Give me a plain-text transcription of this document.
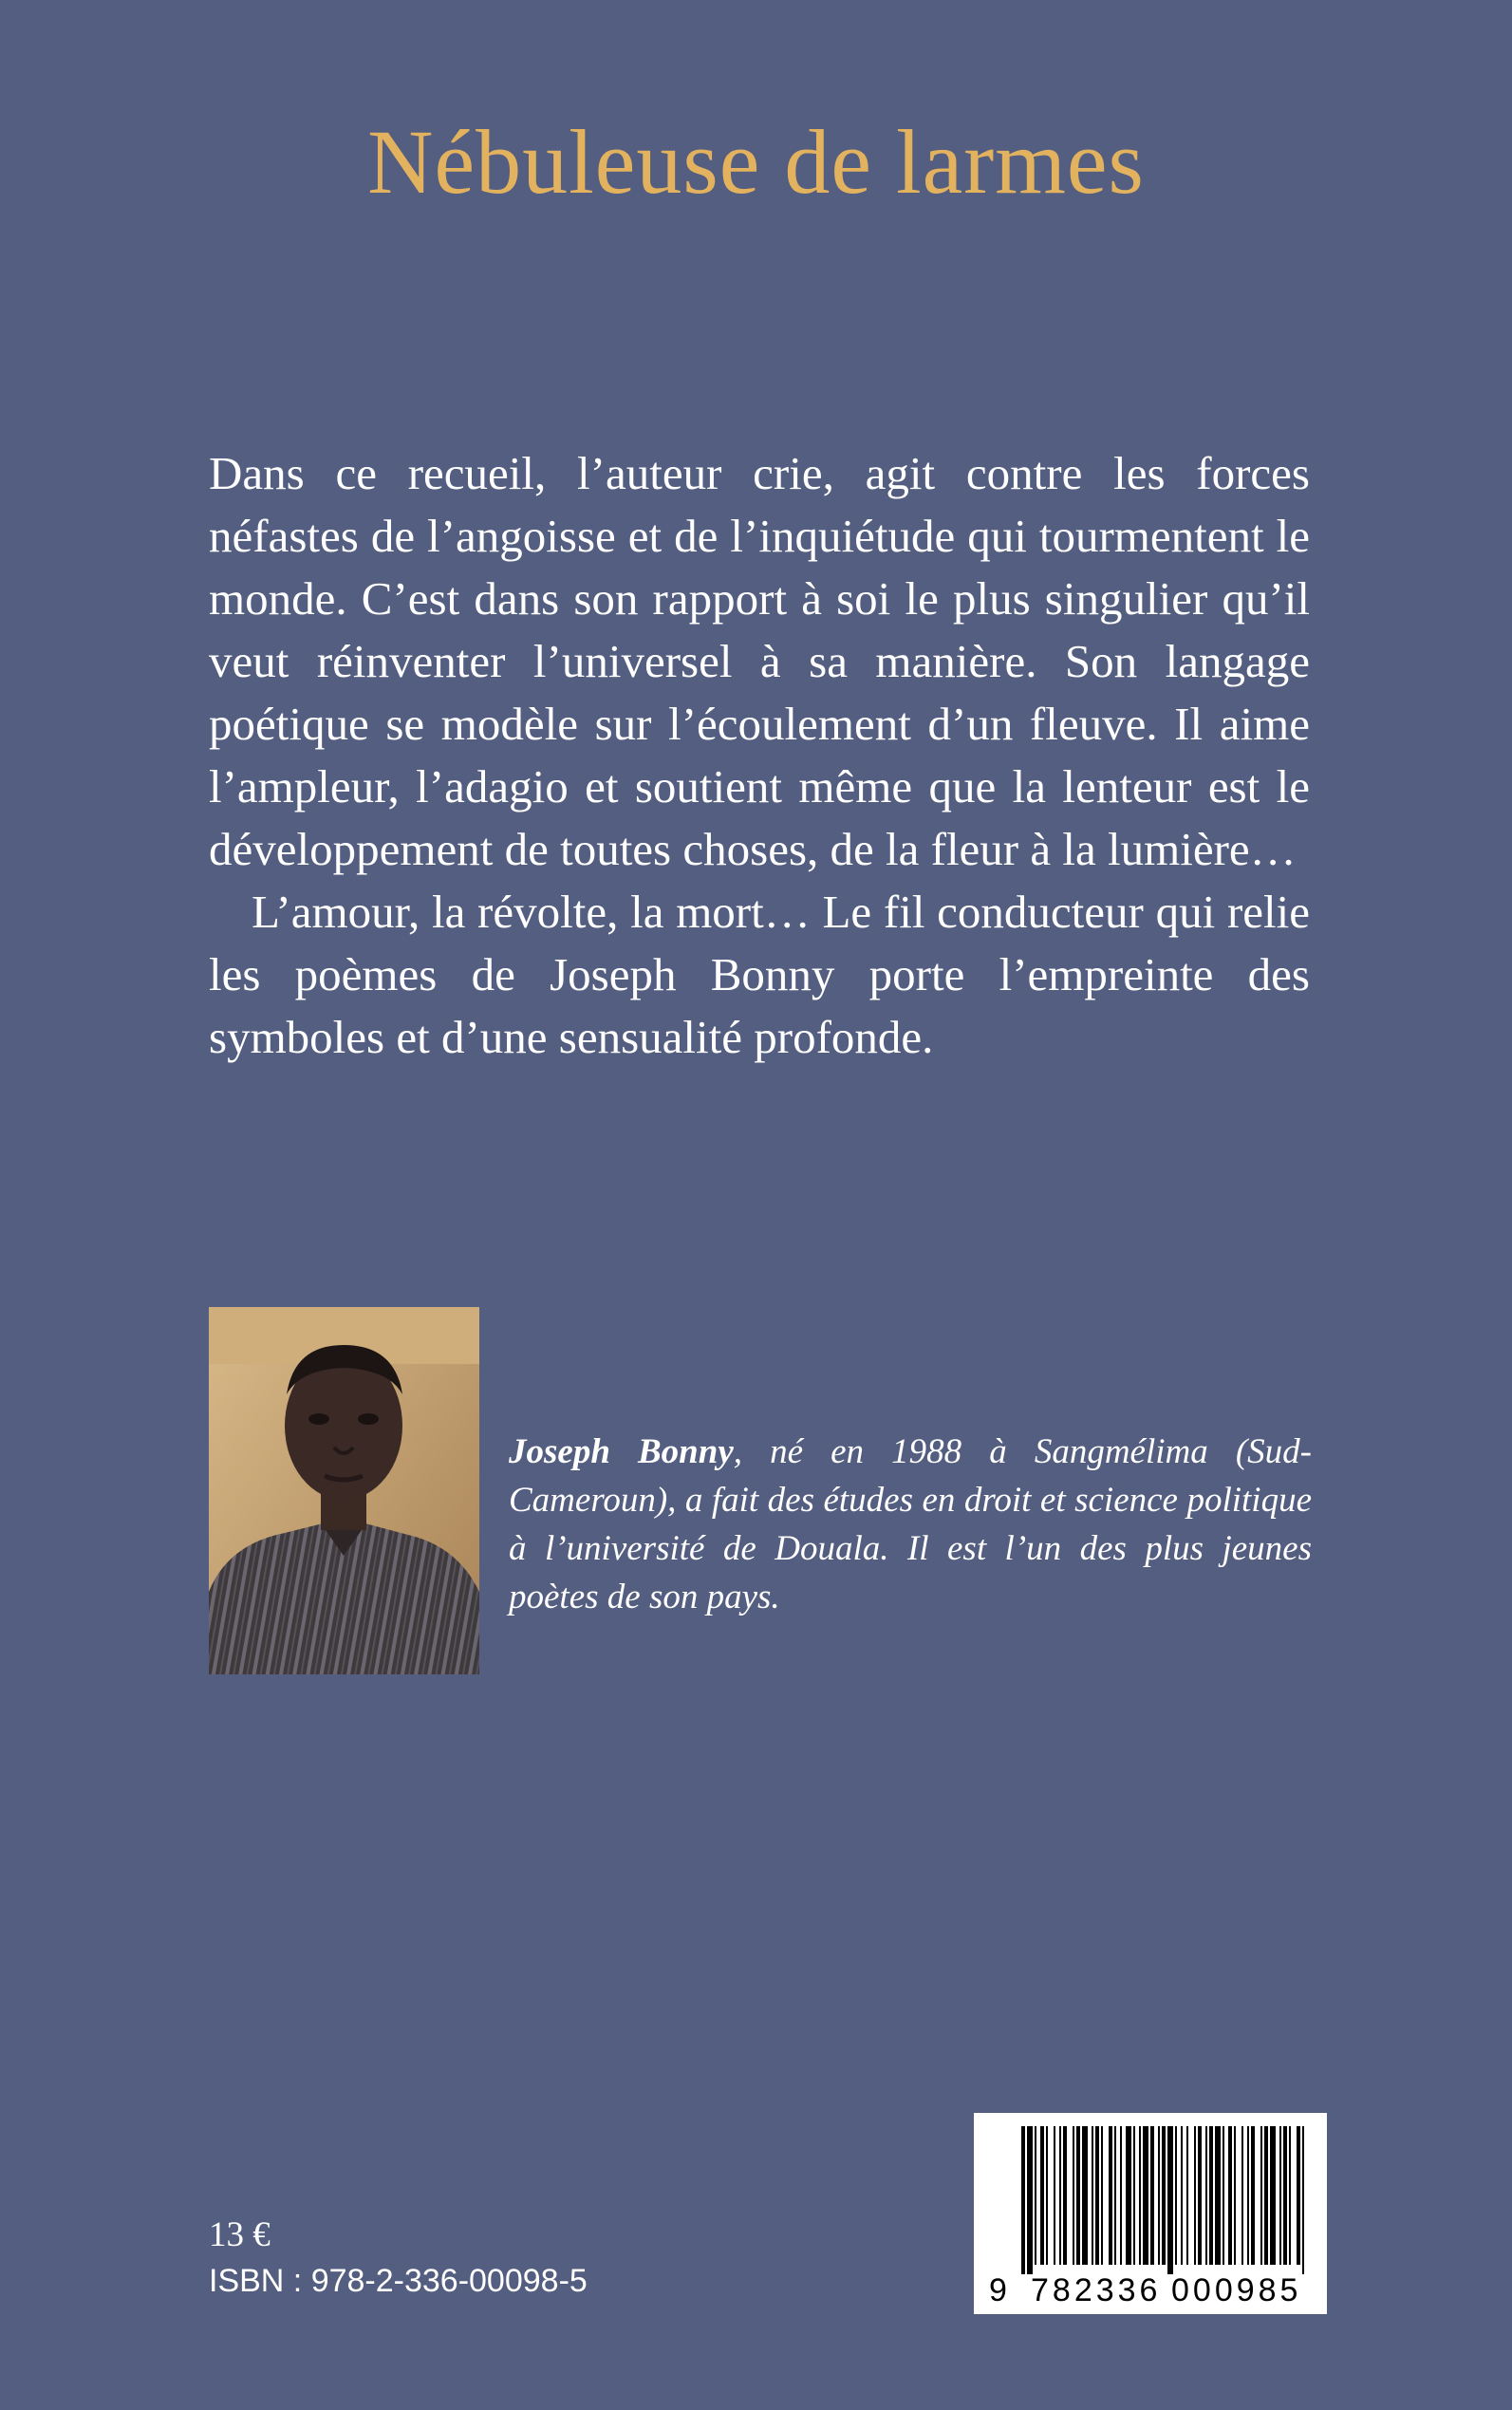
Nébuleuse de larmes

Dans ce recueil, l’auteur crie, agit contre les forces néfastes de l’angoisse et de l’inquiétude qui tourmentent le monde. C’est dans son rapport à soi le plus singulier qu’il veut réinventer l’universel à sa manière. Son langage poétique se modèle sur l’écoulement d’un fleuve. Il aime l’ampleur, l’adagio et soutient même que la lenteur est le développement de toutes choses, de la fleur à la lumière…

L’amour, la révolte, la mort… Le fil conducteur qui relie les poèmes de Joseph Bonny porte l’empreinte des symboles et d’une sensualité profonde.

Joseph Bonny, né en 1988 à Sangmélima (Sud-Cameroun), a fait des études en droit et science politique à l’université de Douala. Il est l’un des plus jeunes poètes de son pays.
13 €
ISBN : 978-2-336-00098-5	9 782336 000985
